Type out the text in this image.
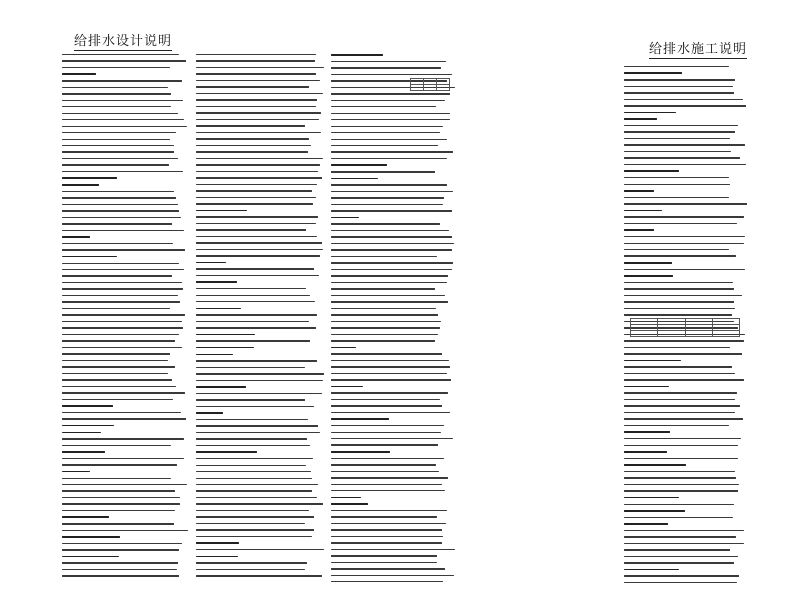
给排水设计说明
给排水施工说明
